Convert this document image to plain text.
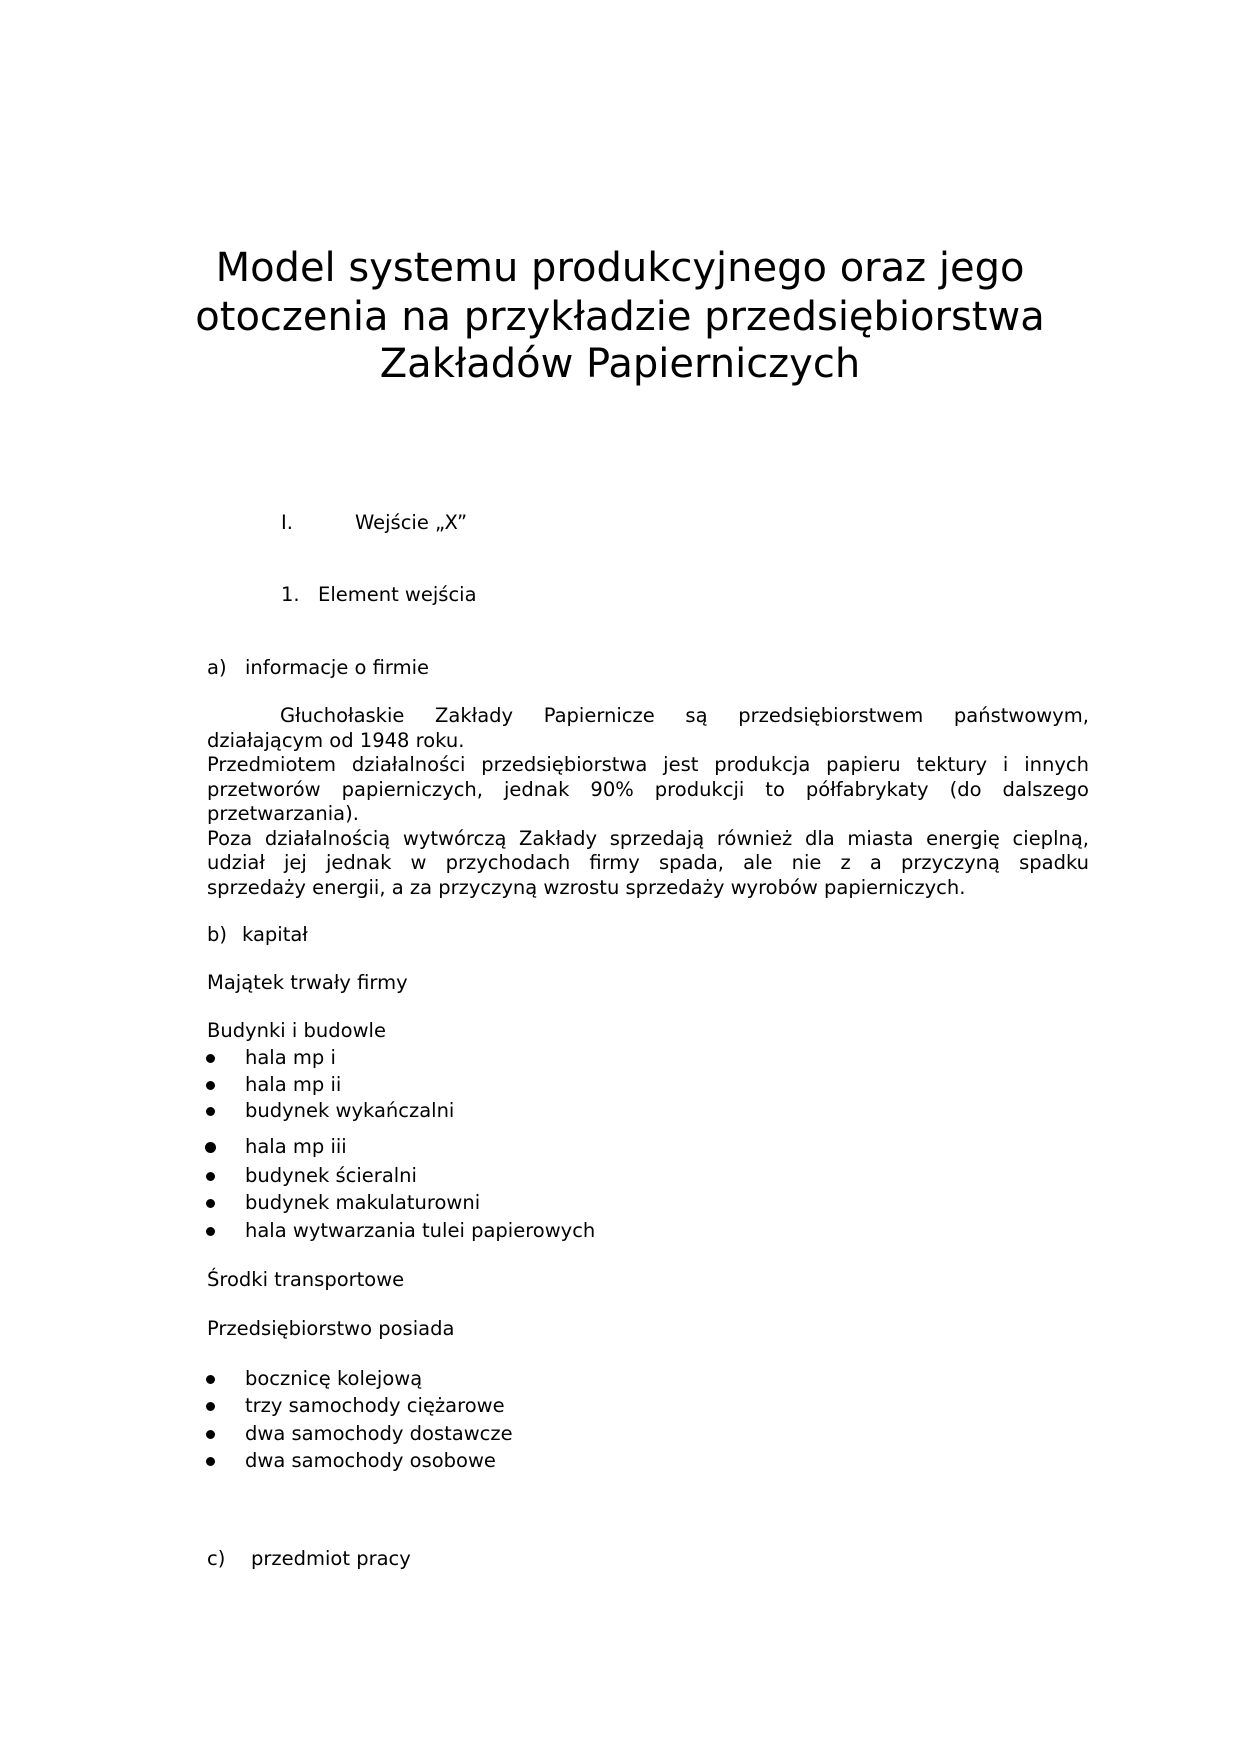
Model systemu produkcyjnego oraz jego
otoczenia na przykładzie przedsiębiorstwa
Zakładów Papierniczych
I.	Wejście „X”
1. Element wejścia
a) informacje o firmie
Głuchołaskie Zakłady Papiernicze są przedsiębiorstwem państwowym,
działającym od 1948 roku.
Przedmiotem działalności przedsiębiorstwa jest produkcja papieru tektury i innych
przetworów papierniczych, jednak 90% produkcji to półfabrykaty (do dalszego
przetwarzania).
Poza działalnością wytwórczą Zakłady sprzedają również dla miasta energię cieplną,
udział jej jednak w przychodach firmy spada, ale nie z a przyczyną spadku
sprzedaży energii, a za przyczyną wzrostu sprzedaży wyrobów papierniczych.
b) kapitał
Majątek trwały firmy
Budynki i budowle
hala mp i
hala mp ii
budynek wykańczalni
hala mp iii
budynek ścieralni
budynek makulaturowni
hala wytwarzania tulei papierowych
Środki transportowe
Przedsiębiorstwo posiada
bocznicę kolejową
trzy samochody ciężarowe
dwa samochody dostawcze
dwa samochody osobowe
c) przedmiot pracy
